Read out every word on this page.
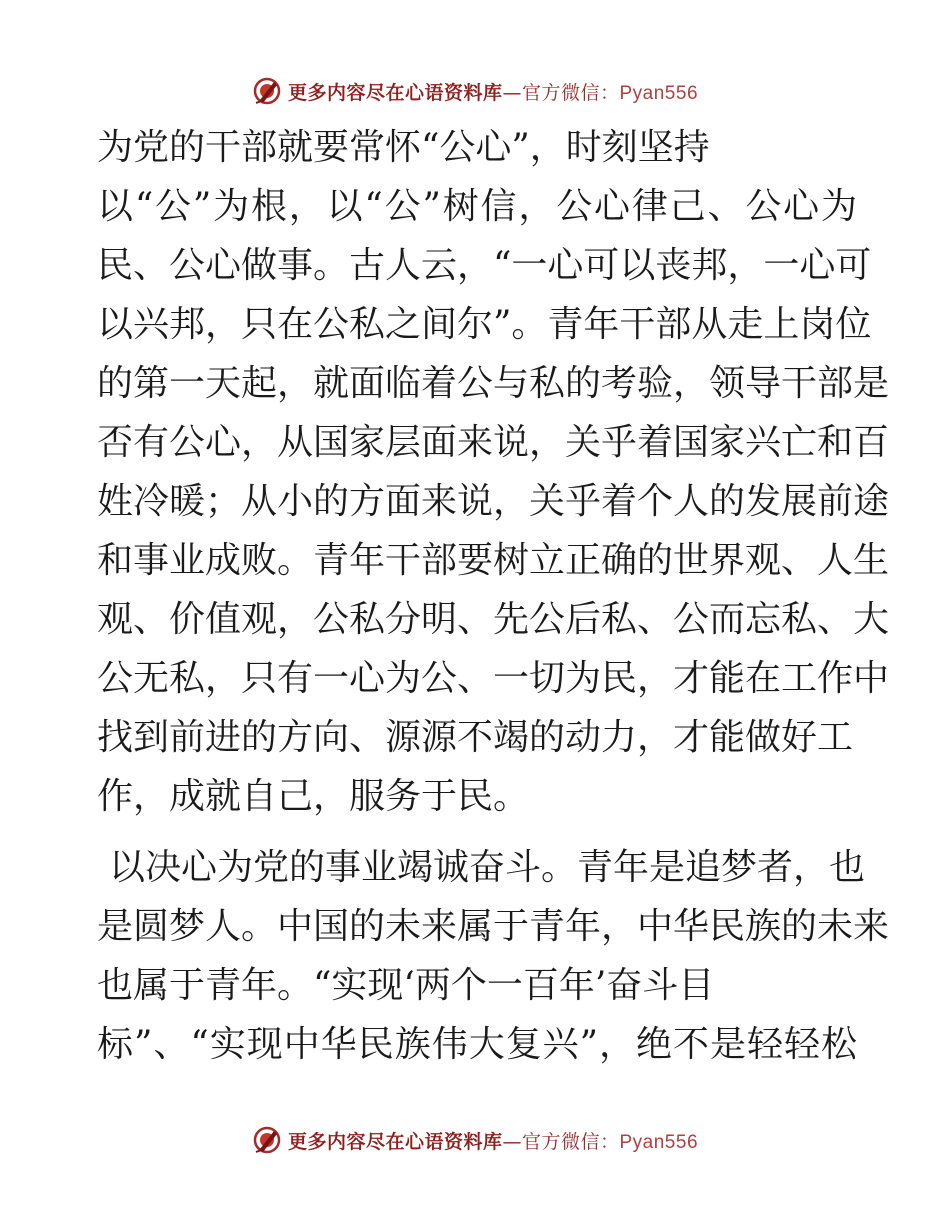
更多内容尽在心语资料库—官方微信：Pyan556
为党的干部就要常怀“公心”，时刻坚持
以“公”为根，以“公”树信，公心律己、公心为
民、公心做事。古人云，“一心可以丧邦，一心可
以兴邦，只在公私之间尔”。青年干部从走上岗位
的第一天起，就面临着公与私的考验，领导干部是
否有公心，从国家层面来说，关乎着国家兴亡和百
姓冷暖；从小的方面来说，关乎着个人的发展前途
和事业成败。青年干部要树立正确的世界观、人生
观、价值观，公私分明、先公后私、公而忘私、大
公无私，只有一心为公、一切为民，才能在工作中
找到前进的方向、源源不竭的动力，才能做好工
作，成就自己，服务于民。
以决心为党的事业竭诚奋斗。青年是追梦者，也
是圆梦人。中国的未来属于青年，中华民族的未来
也属于青年。“实现‘两个一百年’奋斗目
标”、“实现中华民族伟大复兴”，绝不是轻轻松
更多内容尽在心语资料库—官方微信：Pyan556
